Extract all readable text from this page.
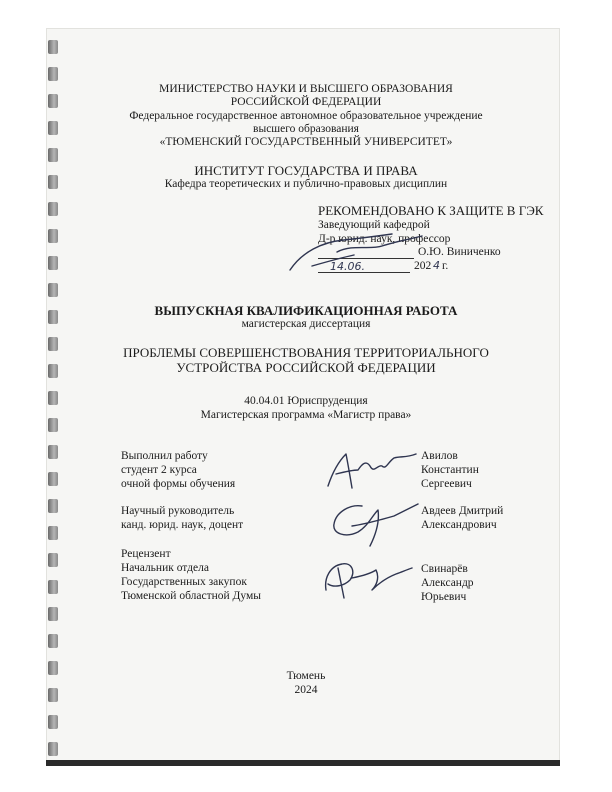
МИНИСТЕРСТВО НАУКИ И ВЫСШЕГО ОБРАЗОВАНИЯ
РОССИЙСКОЙ ФЕДЕРАЦИИ
Федеральное государственное автономное образовательное учреждение
высшего образования
«ТЮМЕНСКИЙ ГОСУДАРСТВЕННЫЙ УНИВЕРСИТЕТ»
ИНСТИТУТ ГОСУДАРСТВА И ПРАВА
Кафедра теоретических и публично-правовых дисциплин
РЕКОМЕНДОВАНО К ЗАЩИТЕ В ГЭК
Заведующий кафедрой
Д-р юрид. наук, профессор
О.Ю. Виниченко
14.06.	202 4 г.
ВЫПУСКНАЯ КВАЛИФИКАЦИОННАЯ РАБОТА
магистерская диссертация
ПРОБЛЕМЫ СОВЕРШЕНСТВОВАНИЯ ТЕРРИТОРИАЛЬНОГО
УСТРОЙСТВА РОССИЙСКОЙ ФЕДЕРАЦИИ
40.04.01 Юриспруденция
Магистерская программа «Магистр права»
Выполнил работу
студент 2 курса
очной формы обучения
Авилов
Константин
Сергеевич
Научный руководитель
канд. юрид. наук, доцент
Авдеев Дмитрий
Александрович
Рецензент
Начальник отдела
Государственных закупок
Тюменской областной Думы
Свинарёв
Александр
Юрьевич
Тюмень
2024
